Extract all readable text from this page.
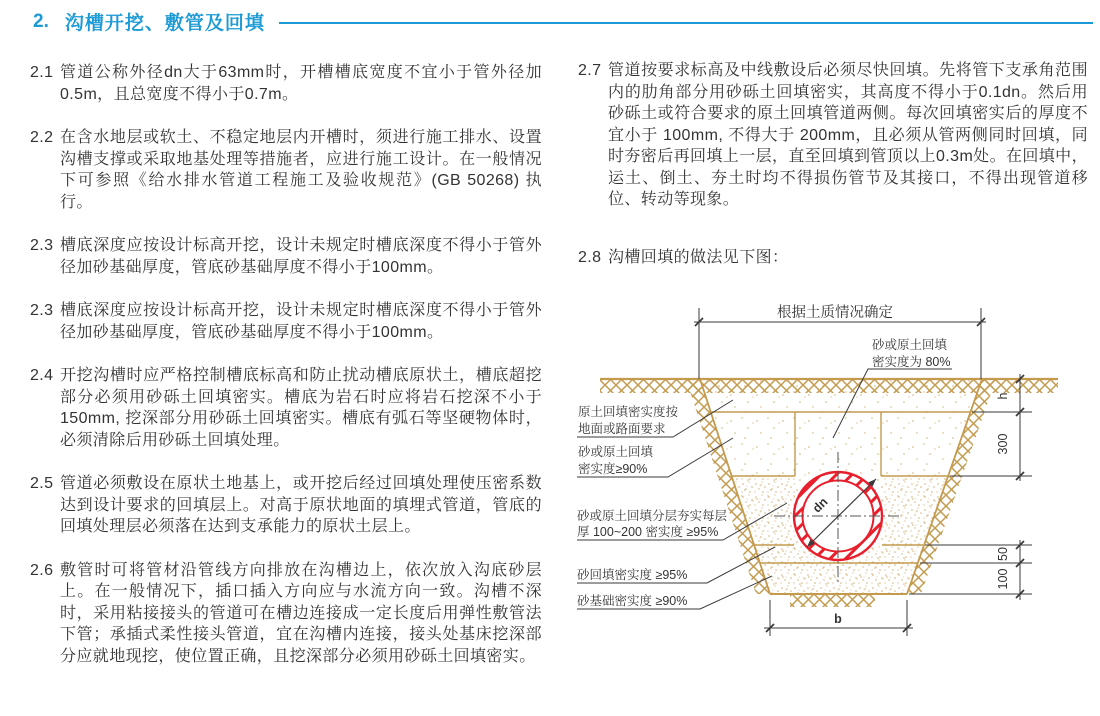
2. 沟槽开挖、敷管及回填
2.1 管道公称外径dn大于63mm时，开槽槽底宽度不宜小于管外径加0.5m，且总宽度不得小于0.7m。
2.2 在含水地层或软土、不稳定地层内开槽时，须进行施工排水、设置沟槽支撑或采取地基处理等措施者，应进行施工设计。在一般情况下可参照《给水排水管道工程施工及验收规范》(GB 50268) 执行。
2.3 槽底深度应按设计标高开挖，设计未规定时槽底深度不得小于管外径加砂基础厚度，管底砂基础厚度不得小于100mm。
2.3 槽底深度应按设计标高开挖，设计未规定时槽底深度不得小于管外径加砂基础厚度，管底砂基础厚度不得小于100mm。
2.4 开挖沟槽时应严格控制槽底标高和防止扰动槽底原状土，槽底超挖部分必须用砂砾土回填密实。槽底为岩石时应将岩石挖深不小于 150mm, 挖深部分用砂砾土回填密实。槽底有弧石等坚硬物体时，必须清除后用砂砾土回填处理。
2.5 管道必须敷设在原状土地基上，或开挖后经过回填处理使压密系数达到设计要求的回填层上。对高于原状地面的填埋式管道，管底的回填处理层必须落在达到支承能力的原状土层上。
2.6 敷管时可将管材沿管线方向排放在沟槽边上，依次放入沟底砂层上。在一般情况下，插口插入方向应与水流方向一致。沟槽不深时，采用粘接接头的管道可在槽边连接成一定长度后用弹性敷管法下管；承插式柔性接头管道，宜在沟槽内连接，接头处基床挖深部分应就地现挖，使位置正确，且挖深部分必须用砂砾土回填密实。
2.7 管道按要求标高及中线敷设后必须尽快回填。先将管下支承角范围内的肋角部分用砂砾土回填密实，其高度不得小于0.1dn。然后用砂砾土或符合要求的原土回填管道两侧。每次回填密实后的厚度不宜小于 100mm, 不得大于 200mm，且必须从管两侧同时回填，同时夯密后再回填上一层，直至回填到管顶以上0.3m处。在回填中，运土、倒土、夯土时均不得损伤管节及其接口，不得出现管道移位、转动等现象。
2.8 沟槽回填的做法见下图：
dn
根据土质情况确定
h
300
50
100
b
砂或原土回填
密实度为 80%
原土回填密实度按
地面或路面要求
砂或原土回填
密实度≥90%
砂或原土回填分层夯实每层
厚 100~200 密实度 ≥95%
砂回填密实度 ≥95%
砂基础密实度 ≥90%
